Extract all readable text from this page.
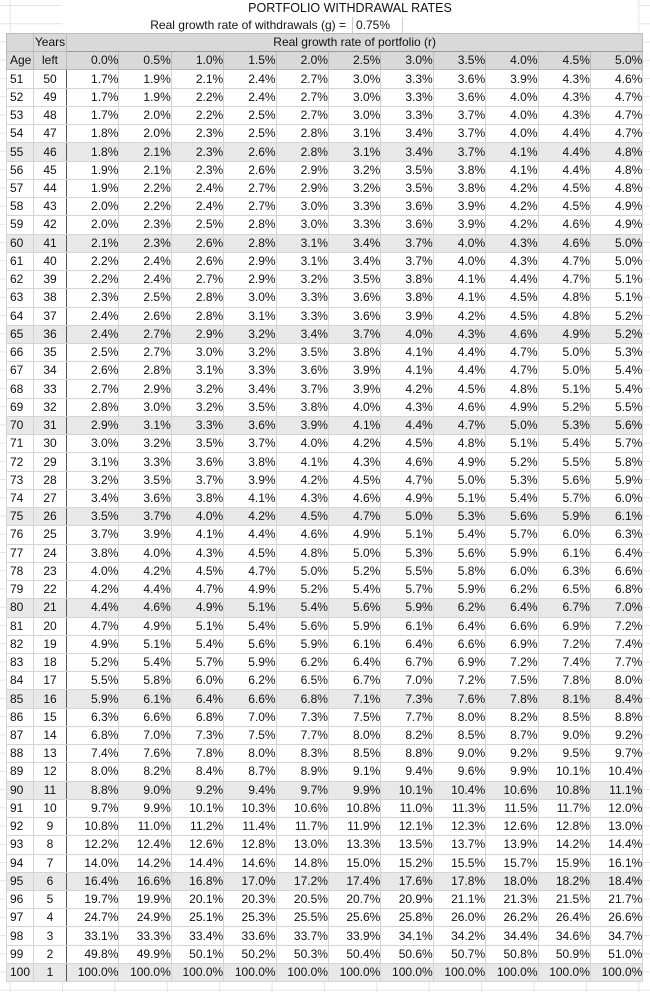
PORTFOLIO WITHDRAWAL RATES
Real growth rate of withdrawals (g) = 0.75%
	Years	Real growth rate of portfolio (r)										
Age	left	0.0%	0.5%	1.0%	1.5%	2.0%	2.5%	3.0%	3.5%	4.0%	4.5%	5.0%
51	50	1.7%	1.9%	2.1%	2.4%	2.7%	3.0%	3.3%	3.6%	3.9%	4.3%	4.6%
52	49	1.7%	1.9%	2.2%	2.4%	2.7%	3.0%	3.3%	3.6%	4.0%	4.3%	4.7%
53	48	1.7%	2.0%	2.2%	2.5%	2.7%	3.0%	3.3%	3.7%	4.0%	4.3%	4.7%
54	47	1.8%	2.0%	2.3%	2.5%	2.8%	3.1%	3.4%	3.7%	4.0%	4.4%	4.7%
55	46	1.8%	2.1%	2.3%	2.6%	2.8%	3.1%	3.4%	3.7%	4.1%	4.4%	4.8%
56	45	1.9%	2.1%	2.3%	2.6%	2.9%	3.2%	3.5%	3.8%	4.1%	4.4%	4.8%
57	44	1.9%	2.2%	2.4%	2.7%	2.9%	3.2%	3.5%	3.8%	4.2%	4.5%	4.8%
58	43	2.0%	2.2%	2.4%	2.7%	3.0%	3.3%	3.6%	3.9%	4.2%	4.5%	4.9%
59	42	2.0%	2.3%	2.5%	2.8%	3.0%	3.3%	3.6%	3.9%	4.2%	4.6%	4.9%
60	41	2.1%	2.3%	2.6%	2.8%	3.1%	3.4%	3.7%	4.0%	4.3%	4.6%	5.0%
61	40	2.2%	2.4%	2.6%	2.9%	3.1%	3.4%	3.7%	4.0%	4.3%	4.7%	5.0%
62	39	2.2%	2.4%	2.7%	2.9%	3.2%	3.5%	3.8%	4.1%	4.4%	4.7%	5.1%
63	38	2.3%	2.5%	2.8%	3.0%	3.3%	3.6%	3.8%	4.1%	4.5%	4.8%	5.1%
64	37	2.4%	2.6%	2.8%	3.1%	3.3%	3.6%	3.9%	4.2%	4.5%	4.8%	5.2%
65	36	2.4%	2.7%	2.9%	3.2%	3.4%	3.7%	4.0%	4.3%	4.6%	4.9%	5.2%
66	35	2.5%	2.7%	3.0%	3.2%	3.5%	3.8%	4.1%	4.4%	4.7%	5.0%	5.3%
67	34	2.6%	2.8%	3.1%	3.3%	3.6%	3.9%	4.1%	4.4%	4.7%	5.0%	5.4%
68	33	2.7%	2.9%	3.2%	3.4%	3.7%	3.9%	4.2%	4.5%	4.8%	5.1%	5.4%
69	32	2.8%	3.0%	3.2%	3.5%	3.8%	4.0%	4.3%	4.6%	4.9%	5.2%	5.5%
70	31	2.9%	3.1%	3.3%	3.6%	3.9%	4.1%	4.4%	4.7%	5.0%	5.3%	5.6%
71	30	3.0%	3.2%	3.5%	3.7%	4.0%	4.2%	4.5%	4.8%	5.1%	5.4%	5.7%
72	29	3.1%	3.3%	3.6%	3.8%	4.1%	4.3%	4.6%	4.9%	5.2%	5.5%	5.8%
73	28	3.2%	3.5%	3.7%	3.9%	4.2%	4.5%	4.7%	5.0%	5.3%	5.6%	5.9%
74	27	3.4%	3.6%	3.8%	4.1%	4.3%	4.6%	4.9%	5.1%	5.4%	5.7%	6.0%
75	26	3.5%	3.7%	4.0%	4.2%	4.5%	4.7%	5.0%	5.3%	5.6%	5.9%	6.1%
76	25	3.7%	3.9%	4.1%	4.4%	4.6%	4.9%	5.1%	5.4%	5.7%	6.0%	6.3%
77	24	3.8%	4.0%	4.3%	4.5%	4.8%	5.0%	5.3%	5.6%	5.9%	6.1%	6.4%
78	23	4.0%	4.2%	4.5%	4.7%	5.0%	5.2%	5.5%	5.8%	6.0%	6.3%	6.6%
79	22	4.2%	4.4%	4.7%	4.9%	5.2%	5.4%	5.7%	5.9%	6.2%	6.5%	6.8%
80	21	4.4%	4.6%	4.9%	5.1%	5.4%	5.6%	5.9%	6.2%	6.4%	6.7%	7.0%
81	20	4.7%	4.9%	5.1%	5.4%	5.6%	5.9%	6.1%	6.4%	6.6%	6.9%	7.2%
82	19	4.9%	5.1%	5.4%	5.6%	5.9%	6.1%	6.4%	6.6%	6.9%	7.2%	7.4%
83	18	5.2%	5.4%	5.7%	5.9%	6.2%	6.4%	6.7%	6.9%	7.2%	7.4%	7.7%
84	17	5.5%	5.8%	6.0%	6.2%	6.5%	6.7%	7.0%	7.2%	7.5%	7.8%	8.0%
85	16	5.9%	6.1%	6.4%	6.6%	6.8%	7.1%	7.3%	7.6%	7.8%	8.1%	8.4%
86	15	6.3%	6.6%	6.8%	7.0%	7.3%	7.5%	7.7%	8.0%	8.2%	8.5%	8.8%
87	14	6.8%	7.0%	7.3%	7.5%	7.7%	8.0%	8.2%	8.5%	8.7%	9.0%	9.2%
88	13	7.4%	7.6%	7.8%	8.0%	8.3%	8.5%	8.8%	9.0%	9.2%	9.5%	9.7%
89	12	8.0%	8.2%	8.4%	8.7%	8.9%	9.1%	9.4%	9.6%	9.9%	10.1%	10.4%
90	11	8.8%	9.0%	9.2%	9.4%	9.7%	9.9%	10.1%	10.4%	10.6%	10.8%	11.1%
91	10	9.7%	9.9%	10.1%	10.3%	10.6%	10.8%	11.0%	11.3%	11.5%	11.7%	12.0%
92	9	10.8%	11.0%	11.2%	11.4%	11.7%	11.9%	12.1%	12.3%	12.6%	12.8%	13.0%
93	8	12.2%	12.4%	12.6%	12.8%	13.0%	13.3%	13.5%	13.7%	13.9%	14.2%	14.4%
94	7	14.0%	14.2%	14.4%	14.6%	14.8%	15.0%	15.2%	15.5%	15.7%	15.9%	16.1%
95	6	16.4%	16.6%	16.8%	17.0%	17.2%	17.4%	17.6%	17.8%	18.0%	18.2%	18.4%
96	5	19.7%	19.9%	20.1%	20.3%	20.5%	20.7%	20.9%	21.1%	21.3%	21.5%	21.7%
97	4	24.7%	24.9%	25.1%	25.3%	25.5%	25.6%	25.8%	26.0%	26.2%	26.4%	26.6%
98	3	33.1%	33.3%	33.4%	33.6%	33.7%	33.9%	34.1%	34.2%	34.4%	34.6%	34.7%
99	2	49.8%	49.9%	50.1%	50.2%	50.3%	50.4%	50.6%	50.7%	50.8%	50.9%	51.0%
100	1	100.0%	100.0%	100.0%	100.0%	100.0%	100.0%	100.0%	100.0%	100.0%	100.0%	100.0%
